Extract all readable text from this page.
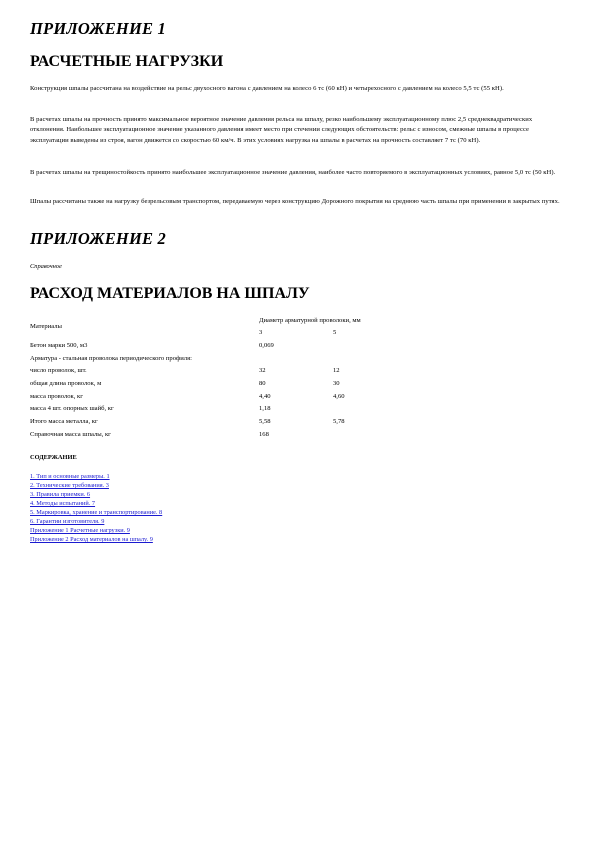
ПРИЛОЖЕНИЕ 1
РАСЧЕТНЫЕ НАГРУЗКИ

Конструкция шпалы рассчитана на воздействие на рельс двухосного вагона с давлением на колесо 6 тс (60 кН) и четырехосного с давлением на колесо 5,5 тс (55 кН).

В расчетах шпалы на прочность принято максимальное вероятное значение давления рельса на шпалу, резко наибольшему эксплуатационному плюс 2,5 среднеквадратических отклонения. Наибольшее эксплуатационное значение указанного давления имеет место при стечении следующих обстоятельств: рельс с износом, смежные шпалы в процессе эксплуатации выведены из строя, вагон движется со скоростью 60 км/ч. В этих условиях нагрузка на шпалы в расчетах на прочность составляет 7 тс (70 кН).

В расчетах шпалы на трещиностойкость принято наибольшее эксплуатационное значение давления, наиболее часто повторяемого в эксплуатационных условиях, равное 5,0 тс (50 кН).

Шпалы рассчитаны также на нагрузку безрельсовым транспортом, передаваемую через конструкцию Дорожного покрытия на среднюю часть шпалы при применении в закрытых путях.

ПРИЛОЖЕНИЕ 2

Справочное

РАСХОД МАТЕРИАЛОВ НА ШПАЛУ
Материалы
Диаметр арматурной проволоки, мм
3	5
Бетон марки 500, м3	0,069
Арматура - стальная проволока периодического профиля:
число проволок, шт.	32	12
общая длина проволок, м	80	30
масса проволок, кг	4,40	4,60
масса 4 шт. опорных шайб, кг	1,18
Итого масса металла, кг	5,58	5,78
Справочная масса шпалы, кг	168

СОДЕРЖАНИЕ

1. Тип и основные размеры. 1
2. Технические требования. 3
3. Правила приемки. 6
4. Методы испытаний. 7
5. Маркировка, хранение и транспортирование. 8
6. Гарантии изготовителя. 9
Приложение 1 Расчетные нагрузки. 9
Приложение 2 Расход материалов на шпалу. 9
